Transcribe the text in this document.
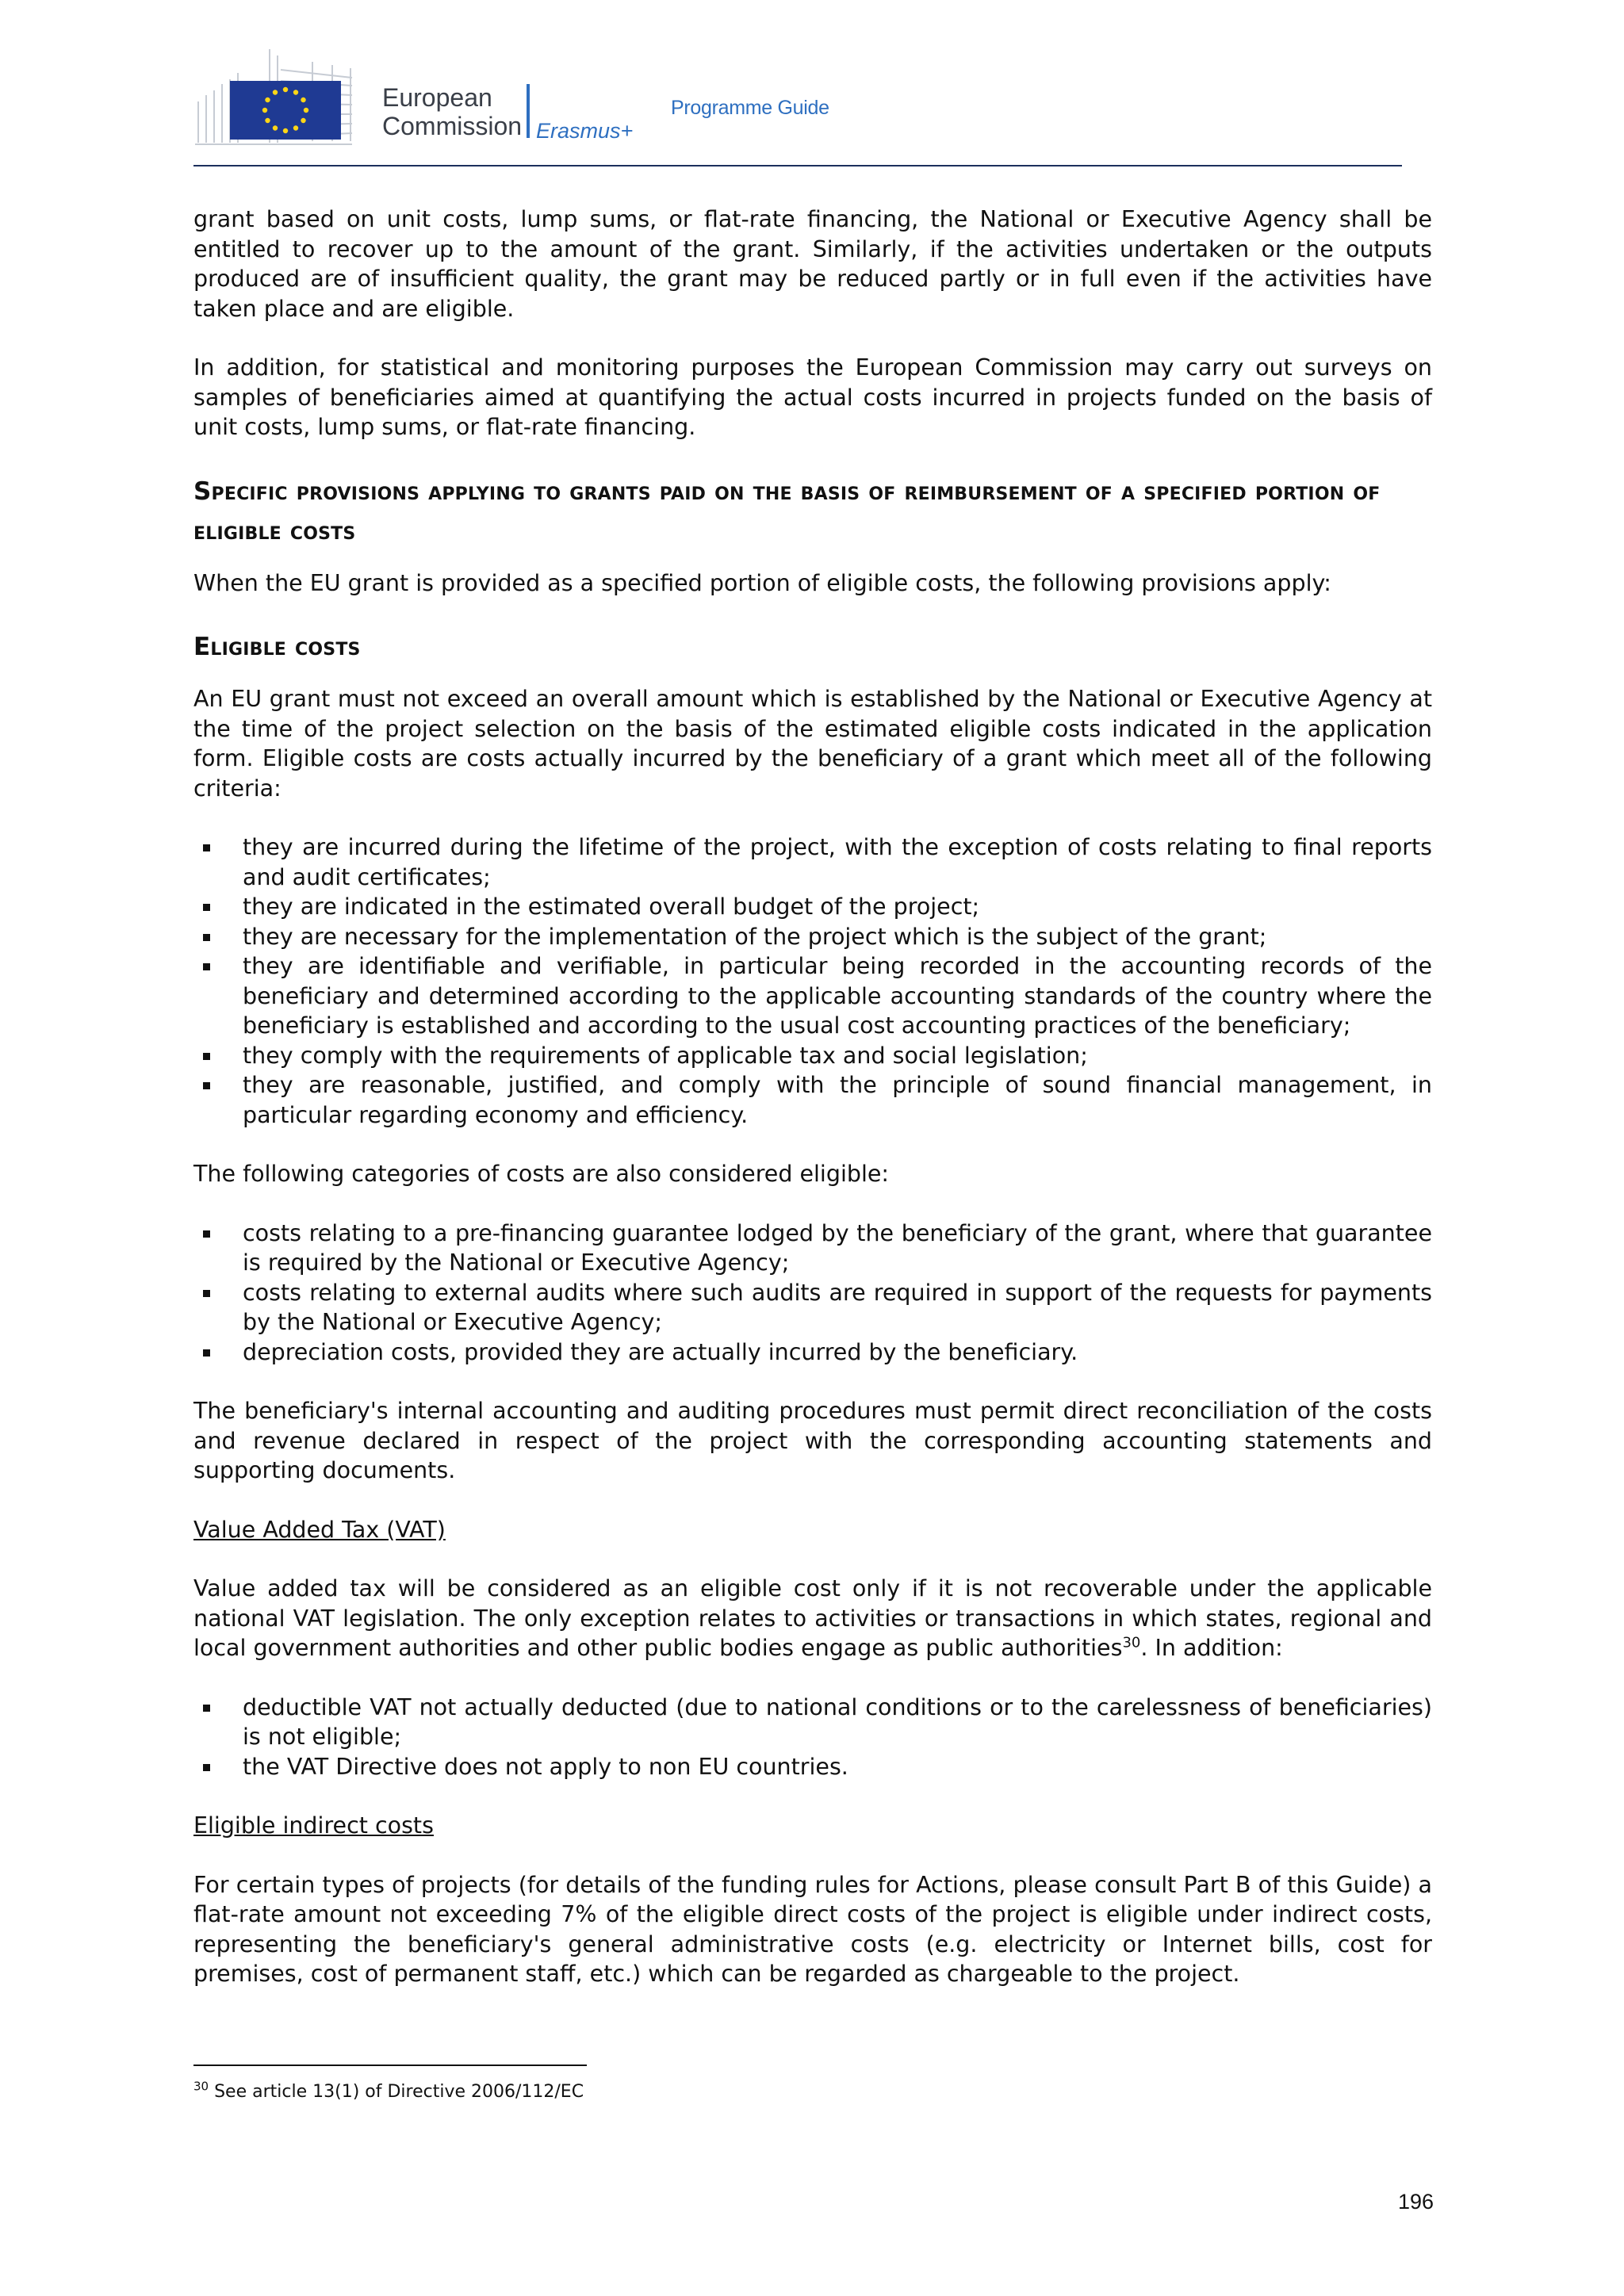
European
Commission Erasmus+
Programme Guide

grant based on unit costs, lump sums, or flat-rate financing, the National or Executive Agency shall be entitled to recover up to the amount of the grant. Similarly, if the activities undertaken or the outputs produced are of insufficient quality, the grant may be reduced partly or in full even if the activities have taken place and are eligible.

In addition, for statistical and monitoring purposes the European Commission may carry out surveys on samples of beneficiaries aimed at quantifying the actual costs incurred in projects funded on the basis of unit costs, lump sums, or flat-rate financing.

Specific provisions applying to grants paid on the basis of reimbursement of a specified portion of eligible costs

When the EU grant is provided as a specified portion of eligible costs, the following provisions apply:

Eligible costs

An EU grant must not exceed an overall amount which is established by the National or Executive Agency at the time of the project selection on the basis of the estimated eligible costs indicated in the application form. Eligible costs are costs actually incurred by the beneficiary of a grant which meet all of the following criteria:

they are incurred during the lifetime of the project, with the exception of costs relating to final reports and audit certificates;
they are indicated in the estimated overall budget of the project;
they are necessary for the implementation of the project which is the subject of the grant;
they are identifiable and verifiable, in particular being recorded in the accounting records of the beneficiary and determined according to the applicable accounting standards of the country where the beneficiary is established and according to the usual cost accounting practices of the beneficiary;
they comply with the requirements of applicable tax and social legislation;
they are reasonable, justified, and comply with the principle of sound financial management, in particular regarding economy and efficiency.

The following categories of costs are also considered eligible:

costs relating to a pre-financing guarantee lodged by the beneficiary of the grant, where that guarantee is required by the National or Executive Agency;
costs relating to external audits where such audits are required in support of the requests for payments by the National or Executive Agency;
depreciation costs, provided they are actually incurred by the beneficiary.

The beneficiary's internal accounting and auditing procedures must permit direct reconciliation of the costs and revenue declared in respect of the project with the corresponding accounting statements and supporting documents.

Value Added Tax (VAT)

Value added tax will be considered as an eligible cost only if it is not recoverable under the applicable national VAT legislation. The only exception relates to activities or transactions in which states, regional and local government authorities and other public bodies engage as public authorities$^{30}$. In addition:

deductible VAT not actually deducted (due to national conditions or to the carelessness of beneficiaries) is not eligible;
the VAT Directive does not apply to non EU countries.

Eligible indirect costs

For certain types of projects (for details of the funding rules for Actions, please consult Part B of this Guide) a flat-rate amount not exceeding 7% of the eligible direct costs of the project is eligible under indirect costs, representing the beneficiary's general administrative costs (e.g. electricity or Internet bills, cost for premises, cost of permanent staff, etc.) which can be regarded as chargeable to the project.

$^{30}$ See article 13(1) of Directive 2006/112/EC
196
